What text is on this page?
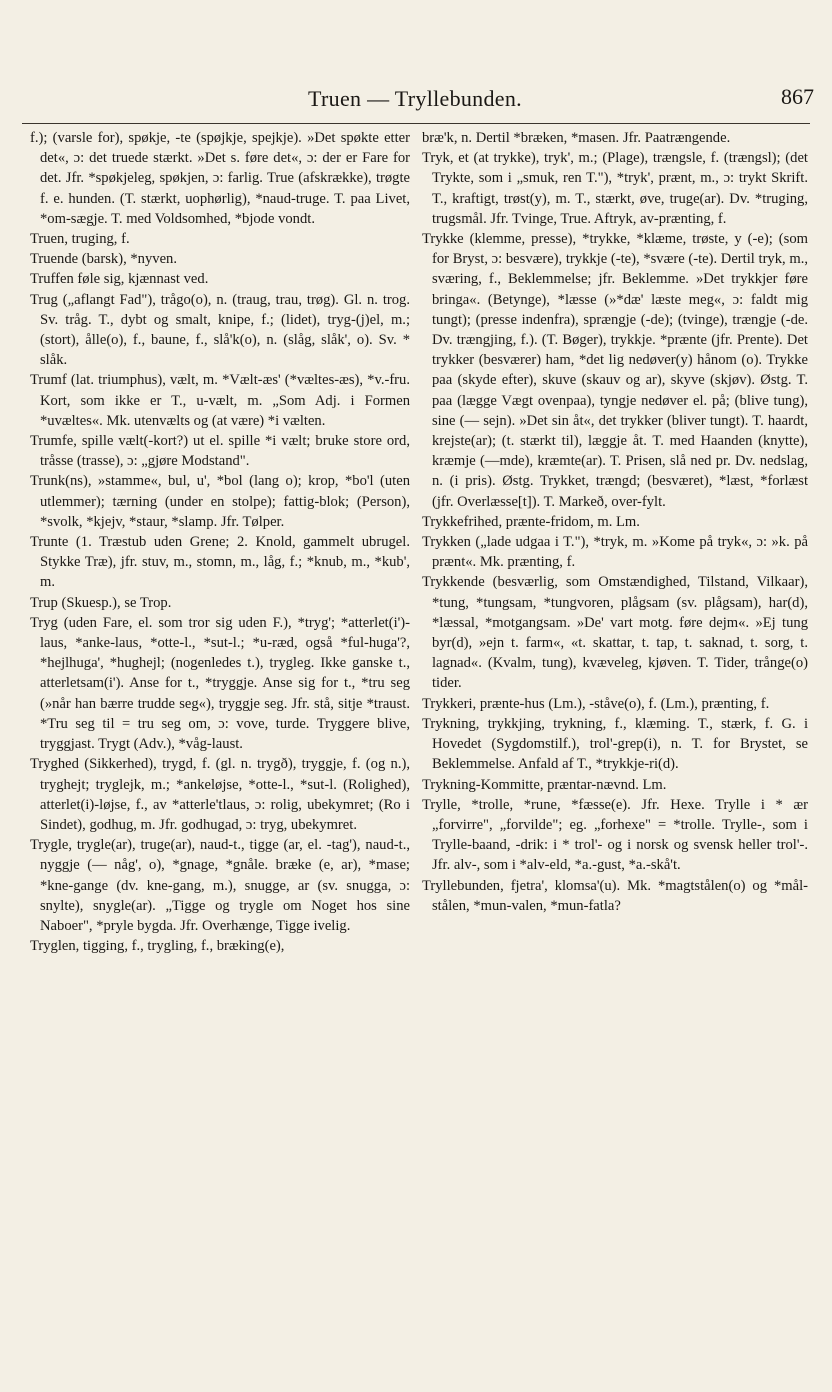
Truen — Tryllebunden.	867

f.); (varsle for), spøkje, -te (spøjkje, spejkje). »Det spøkte etter det«, ɔ: det truede stærkt. »Det s. føre det«, ɔ: der er Fare for det. Jfr. *spøkjeleg, spøkjen, ɔ: farlig. True (afskrække), trøgte f. e. hunden. (T. stærkt, uophørlig), *naud-truge. T. paa Livet, *om-sægje. T. med Voldsomhed, *bjode vondt.

Truen, truging, f.

Truende (barsk), *nyven.

Truffen føle sig, kjænnast ved.

Trug („aflangt Fad"), trågo(o), n. (traug, trau, trøg). Gl. n. trog. Sv. tråg. T., dybt og smalt, knipe, f.; (lidet), tryg-(j)el, m.; (stort), ålle(o), f., baune, f., slå'k(o), n. (slåg, slåk', o). Sv. * slåk.

Trumf (lat. triumphus), vælt, m. *Vælt-æs' (*væltes-æs), *v.-fru. Kort, som ikke er T., u-vælt, m. „Som Adj. i Formen *uvæltes«. Mk. utenvælts og (at være) *i vælten.

Trumfe, spille vælt(-kort?) ut el. spille *i vælt; bruke store ord, tråsse (trasse), ɔ: „gjøre Modstand".

Trunk(ns), »stamme«, bul, u', *bol (lang o); krop, *bo'l (uten utlemmer); tærning (under en stolpe); fattig-blok; (Person), *svolk, *kjejv, *staur, *slamp. Jfr. Tølper.

Trunte (1. Træstub uden Grene; 2. Knold, gammelt ubrugel. Stykke Træ), jfr. stuv, m., stomn, m., låg, f.; *knub, m., *kub', m.

Trup (Skuesp.), se Trop.

Tryg (uden Fare, el. som tror sig uden F.), *tryg'; *atterlet(i')-laus, *anke-laus, *otte-l., *sut-l.; *u-ræd, også *ful-huga'?, *hejlhuga', *hughejl; (nogenledes t.), trygleg. Ikke ganske t., atterletsam(i'). Anse for t., *tryggje. Anse sig for t., *tru seg (»når han bærre trudde seg«), tryggje seg. Jfr. stå, sitje *traust. *Tru seg til = tru seg om, ɔ: vove, turde. Tryggere blive, tryggjast. Trygt (Adv.), *våg-laust.

Tryghed (Sikkerhed), trygd, f. (gl. n. trygð), tryggje, f. (og n.), tryghejt; tryglejk, m.; *ankeløjse, *otte-l., *sut-l. (Rolighed), atterlet(i)-løjse, f., av *atterle'tlaus, ɔ: rolig, ubekymret; (Ro i Sindet), godhug, m. Jfr. godhugad, ɔ: tryg, ubekymret.

Trygle, trygle(ar), truge(ar), naud-t., tigge (ar, el. -tag'), naud-t., nyggje (— någ', o), *gnage, *gnåle. bræke (e, ar), *mase; *kne-gange (dv. kne-gang, m.), snugge, ar (sv. snugga, ɔ: snylte), snygle(ar). „Tigge og trygle om Noget hos sine Naboer", *pryle bygda. Jfr. Overhænge, Tigge ivelig.

Tryglen, tigging, f., trygling, f., bræking(e),

bræ'k, n. Dertil *bræken, *masen. Jfr. Paatrængende.

Tryk, et (at trykke), tryk', m.; (Plage), trængsle, f. (trængsl); (det Trykte, som i „smuk, ren T."), *tryk', prænt, m., ɔ: trykt Skrift. T., kraftigt, trøst(y), m. T., stærkt, øve, truge(ar). Dv. *truging, trugsmål. Jfr. Tvinge, True. Aftryk, av-prænting, f.

Trykke (klemme, presse), *trykke, *klæme, trøste, y (-e); (som for Bryst, ɔ: besvære), trykkje (-te), *svære (-te). Dertil tryk, m., sværing, f., Beklemmelse; jfr. Beklemme. »Det trykkjer føre bringa«. (Betynge), *læsse (»*dæ' læste meg«, ɔ: faldt mig tungt); (presse indenfra), sprængje (-de); (tvinge), trængje (-de. Dv. trængjing, f.). (T. Bøger), trykkje. *prænte (jfr. Prente). Det trykker (besværer) ham, *det lig nedøver(y) hånom (o). Trykke paa (skyde efter), skuve (skauv og ar), skyve (skjøv). Østg. T. paa (lægge Vægt ovenpaa), tyngje nedøver el. på; (blive tung), sine (— sejn). »Det sin åt«, det trykker (bliver tungt). T. haardt, krejste(ar); (t. stærkt til), læggje åt. T. med Haanden (knytte), kræmje (—mde), kræmte(ar). T. Prisen, slå ned pr. Dv. nedslag, n. (i pris). Østg. Trykket, trængd; (besværet), *læst, *forlæst (jfr. Overlæsse[t]). T. Markeð, over-fylt.

Trykkefrihed, prænte-fridom, m. Lm.

Trykken („lade udgaa i T."), *tryk, m. »Kome på tryk«, ɔ: »k. på prænt«. Mk. prænting, f.

Trykkende (besværlig, som Omstændighed, Tilstand, Vilkaar), *tung, *tungsam, *tungvoren, plågsam (sv. plågsam), har(d), *læssal, *motgangsam. »De' vart motg. føre dejm«. »Ej tung byr(d), »ejn t. farm«, «t. skattar, t. tap, t. saknad, t. sorg, t. lagnad«. (Kvalm, tung), kvæveleg, kjøven. T. Tider, trånge(o) tider.

Trykkeri, prænte-hus (Lm.), -ståve(o), f. (Lm.), prænting, f.

Trykning, trykkjing, trykning, f., klæming. T., stærk, f. G. i Hovedet (Sygdomstilf.), trol'-grep(i), n. T. for Brystet, se Beklemmelse. Anfald af T., *trykkje-ri(d).

Trykning-Kommitte, præntar-nævnd. Lm.

Trylle, *trolle, *rune, *fæsse(e). Jfr. Hexe. Trylle i * ær „forvirre", „forvilde"; eg. „forhexe" = *trolle. Trylle-, som i Trylle-baand, -drik: i * trol'- og i norsk og svensk heller trol'-. Jfr. alv-, som i *alv-eld, *a.-gust, *a.-skå't.

Tryllebunden, fjetra', klomsa'(u). Mk. *magtstålen(o) og *mål-stålen, *mun-valen, *mun-fatla?
